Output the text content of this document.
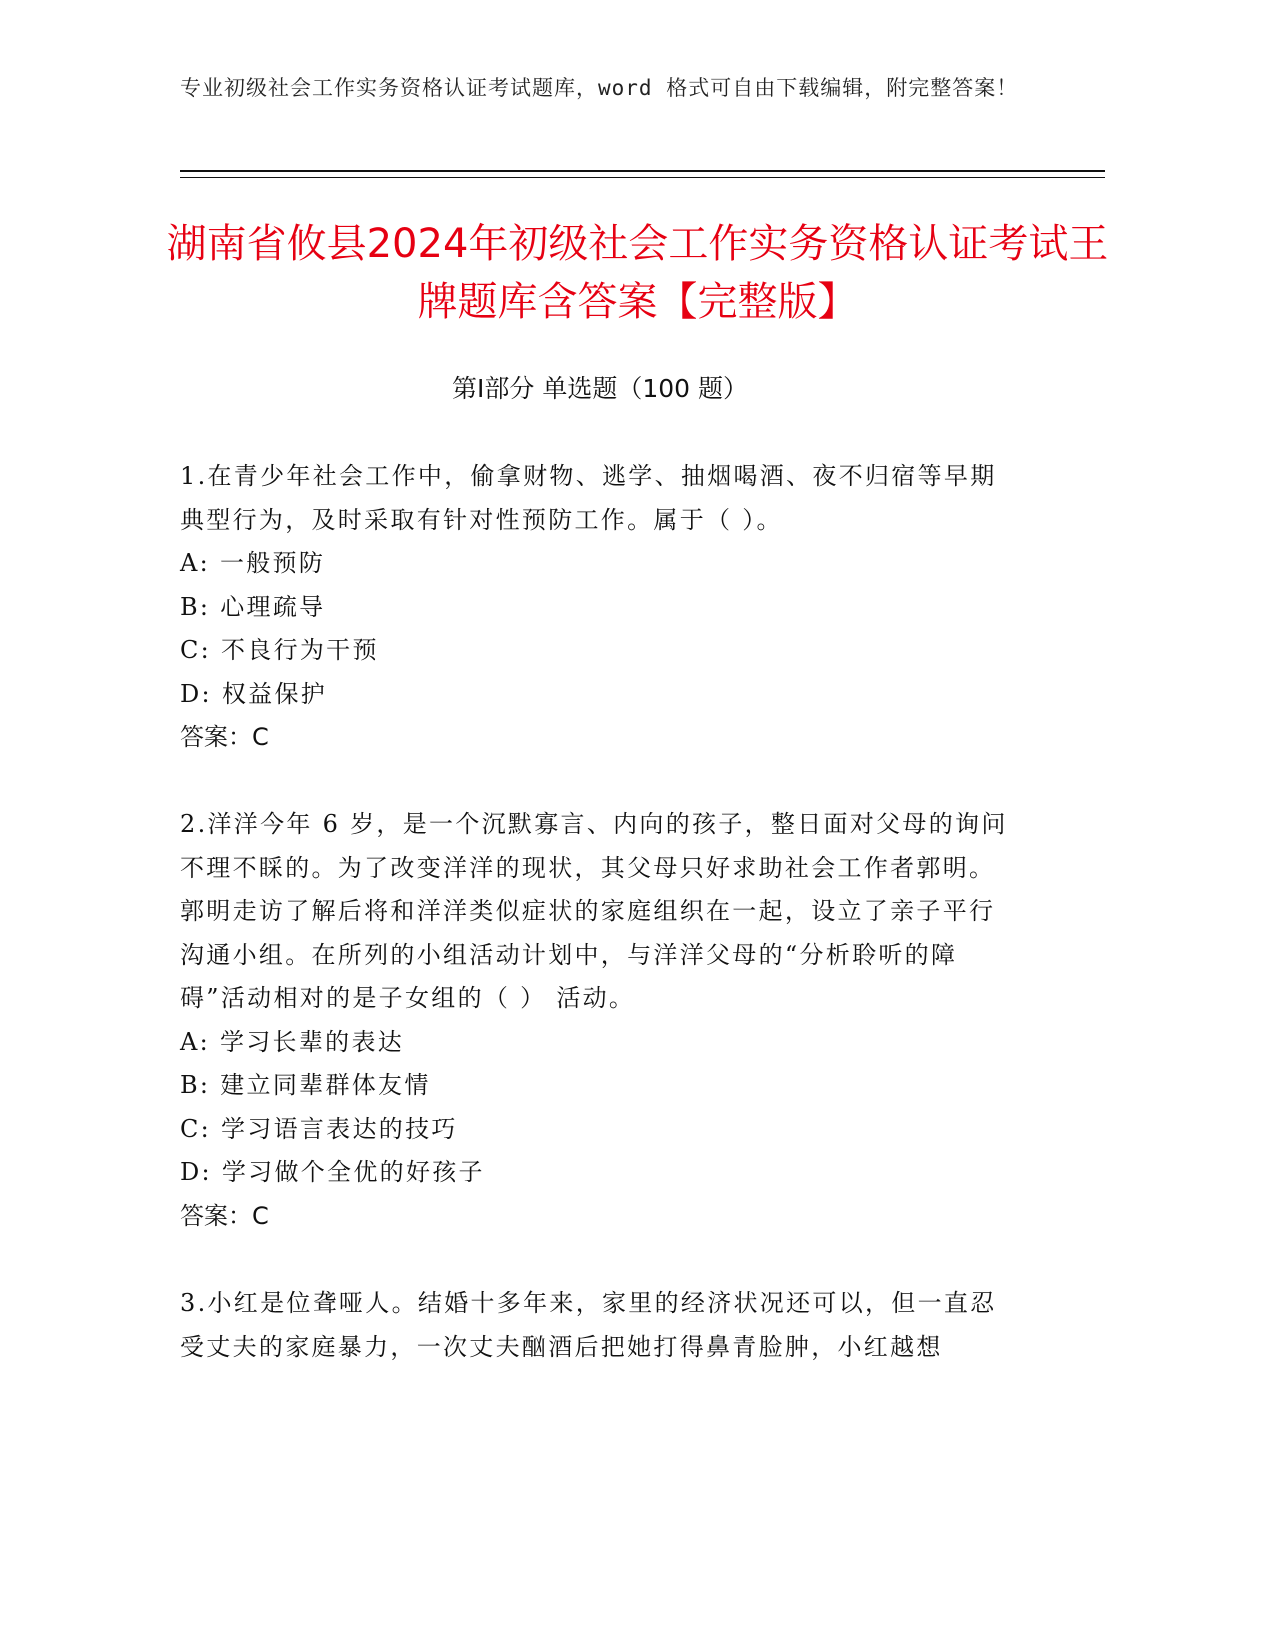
专业初级社会工作实务资格认证考试题库，word 格式可自由下载编辑，附完整答案！
湖南省攸县2024年初级社会工作实务资格认证考试王牌题库含答案【完整版】
第Ⅰ部分 单选题（100 题）

1.在青少年社会工作中，偷拿财物、逃学、抽烟喝酒、夜不归宿等早期典型行为，及时采取有针对性预防工作。属于（ ）。

A: 一般预防

B: 心理疏导

C: 不良行为干预

D: 权益保护

答案：C

2.洋洋今年 6 岁，是一个沉默寡言、内向的孩子，整日面对父母的询问不理不睬的。为了改变洋洋的现状，其父母只好求助社会工作者郭明。郭明走访了解后将和洋洋类似症状的家庭组织在一起，设立了亲子平行沟通小组。在所列的小组活动计划中，与洋洋父母的“分析聆听的障碍”活动相对的是子女组的（ ） 活动。

A: 学习长辈的表达

B: 建立同辈群体友情

C: 学习语言表达的技巧

D: 学习做个全优的好孩子

答案：C

3.小红是位聋哑人。结婚十多年来，家里的经济状况还可以，但一直忍受丈夫的家庭暴力，一次丈夫酗酒后把她打得鼻青脸肿，小红越想
